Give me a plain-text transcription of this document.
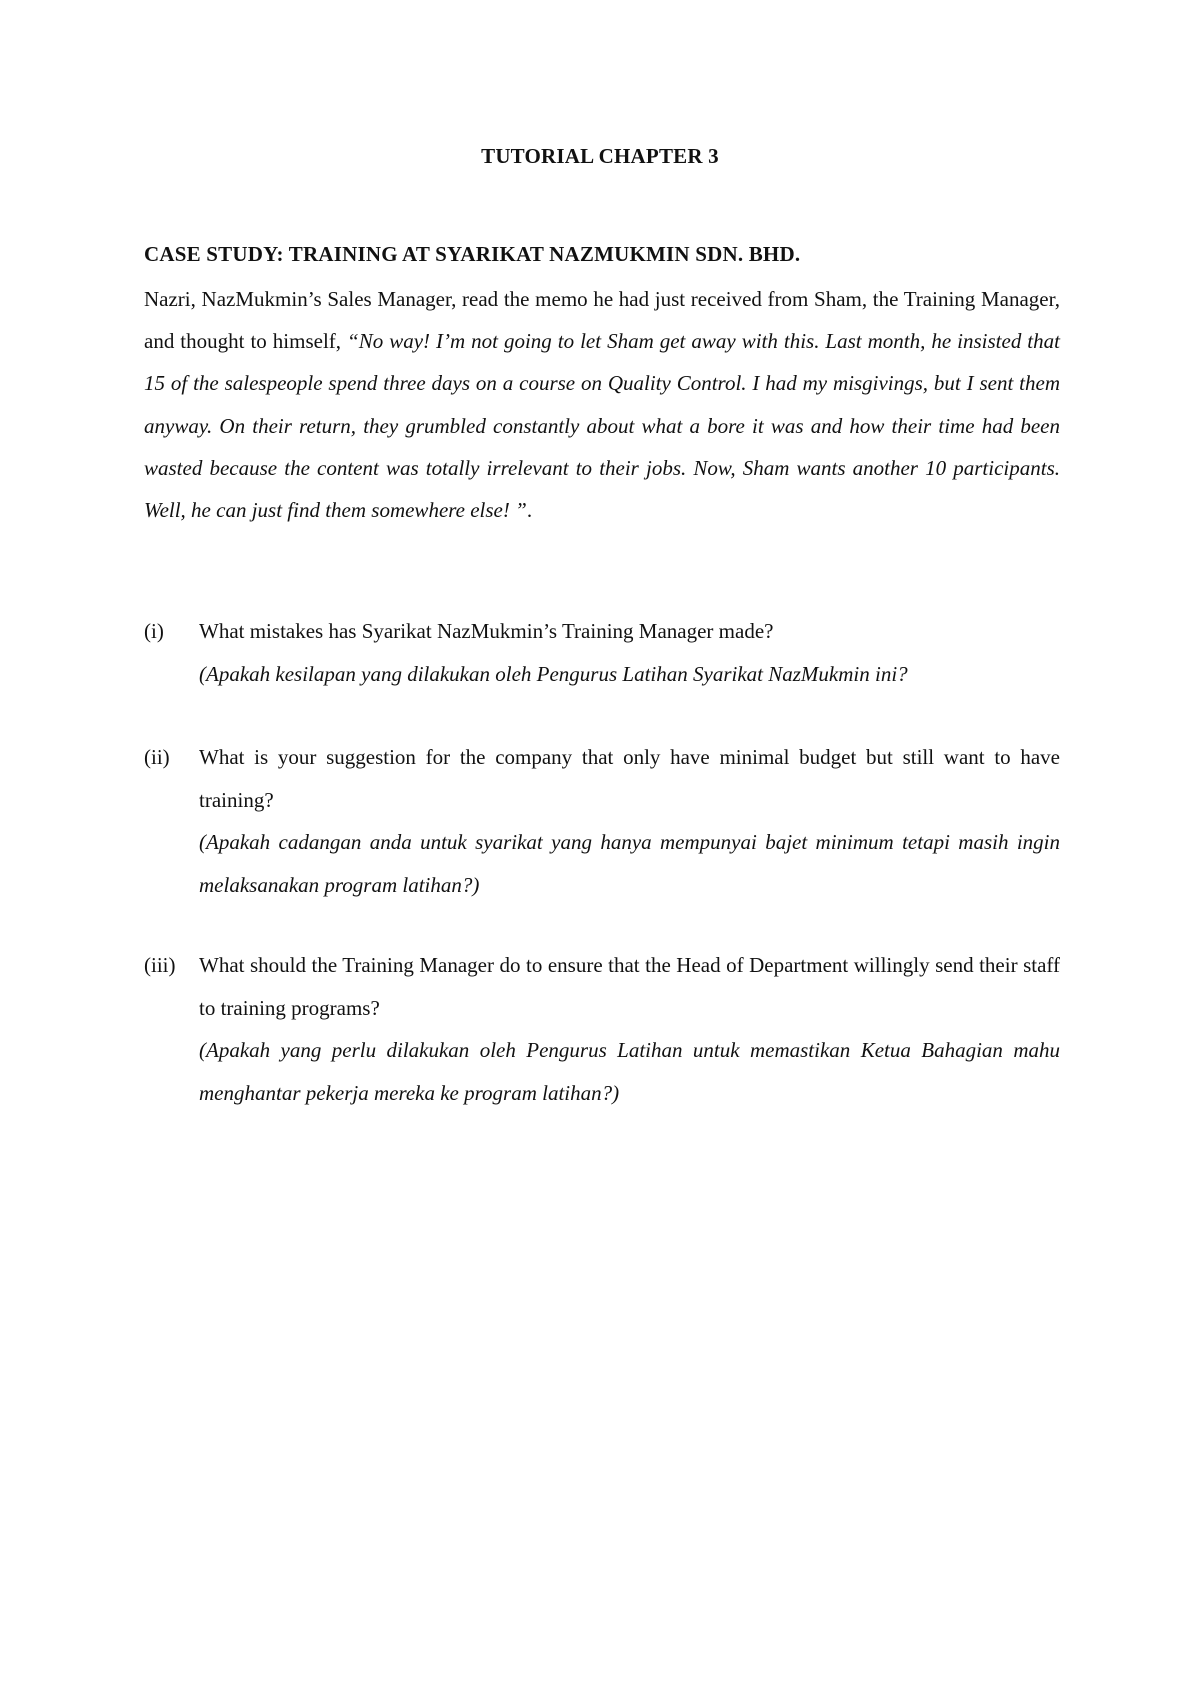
TUTORIAL CHAPTER 3
CASE STUDY: TRAINING AT SYARIKAT NAZMUKMIN SDN. BHD.
Nazri, NazMukmin’s Sales Manager, read the memo he had just received from Sham, the Training Manager, and thought to himself, “No way! I’m not going to let Sham get away with this. Last month, he insisted that 15 of the salespeople spend three days on a course on Quality Control. I had my misgivings, but I sent them anyway. On their return, they grumbled constantly about what a bore it was and how their time had been wasted because the content was totally irrelevant to their jobs. Now, Sham wants another 10 participants. Well, he can just find them somewhere else! ”.
(i) What mistakes has Syarikat NazMukmin’s Training Manager made?
(Apakah kesilapan yang dilakukan oleh Pengurus Latihan Syarikat NazMukmin ini?
(ii) What is your suggestion for the company that only have minimal budget but still want to have training?
(Apakah cadangan anda untuk syarikat yang hanya mempunyai bajet minimum tetapi masih ingin melaksanakan program latihan?)
(iii) What should the Training Manager do to ensure that the Head of Department willingly send their staff to training programs?
(Apakah yang perlu dilakukan oleh Pengurus Latihan untuk memastikan Ketua Bahagian mahu menghantar pekerja mereka ke program latihan?)
